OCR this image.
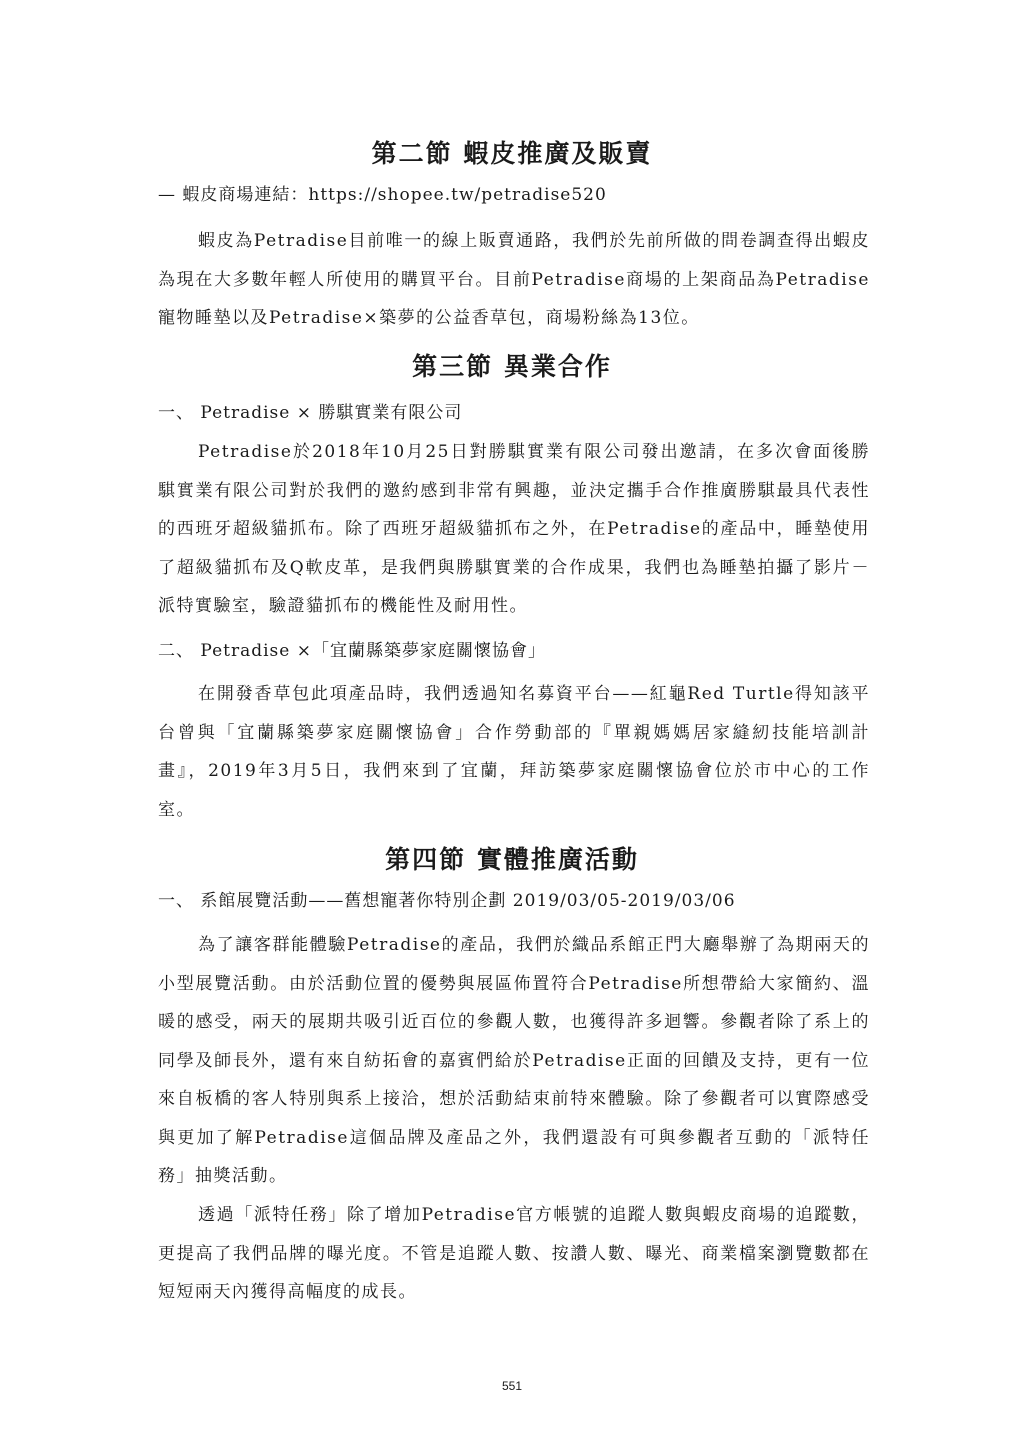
第二節 蝦皮推廣及販賣
— 蝦皮商場連結：https://shopee.tw/petradise520
蝦皮為Petradise目前唯一的線上販賣通路，我們於先前所做的問卷調查得出蝦皮為現在大多數年輕人所使用的購買平台。目前Petradise商場的上架商品為Petradise寵物睡墊以及Petradise×築夢的公益香草包，商場粉絲為13位。
第三節 異業合作
一、 Petradise × 勝騏實業有限公司
Petradise於2018年10月25日對勝騏實業有限公司發出邀請，在多次會面後勝騏實業有限公司對於我們的邀約感到非常有興趣，並決定攜手合作推廣勝騏最具代表性的西班牙超級貓抓布。除了西班牙超級貓抓布之外，在Petradise的產品中，睡墊使用了超級貓抓布及Q軟皮革，是我們與勝騏實業的合作成果，我們也為睡墊拍攝了影片－派特實驗室，驗證貓抓布的機能性及耐用性。
二、 Petradise ×「宜蘭縣築夢家庭關懷協會」
在開發香草包此項產品時，我們透過知名募資平台——紅龜Red Turtle得知該平台曾與「宜蘭縣築夢家庭關懷協會」合作勞動部的『單親媽媽居家縫紉技能培訓計畫』，2019年3月5日，我們來到了宜蘭，拜訪築夢家庭關懷協會位於市中心的工作室。
第四節 實體推廣活動
一、 系館展覽活動——舊想寵著你特別企劃 2019/03/05-2019/03/06
為了讓客群能體驗Petradise的產品，我們於織品系館正門大廳舉辦了為期兩天的小型展覽活動。由於活動位置的優勢與展區佈置符合Petradise所想帶給大家簡約、溫暖的感受，兩天的展期共吸引近百位的參觀人數，也獲得許多迴響。參觀者除了系上的同學及師長外，還有來自紡拓會的嘉賓們給於Petradise正面的回饋及支持，更有一位來自板橋的客人特別與系上接洽，想於活動結束前特來體驗。除了參觀者可以實際感受與更加了解Petradise這個品牌及產品之外，我們還設有可與參觀者互動的「派特任務」抽獎活動。
透過「派特任務」除了增加Petradise官方帳號的追蹤人數與蝦皮商場的追蹤數，更提高了我們品牌的曝光度。不管是追蹤人數、按讚人數、曝光、商業檔案瀏覽數都在短短兩天內獲得高幅度的成長。
551
